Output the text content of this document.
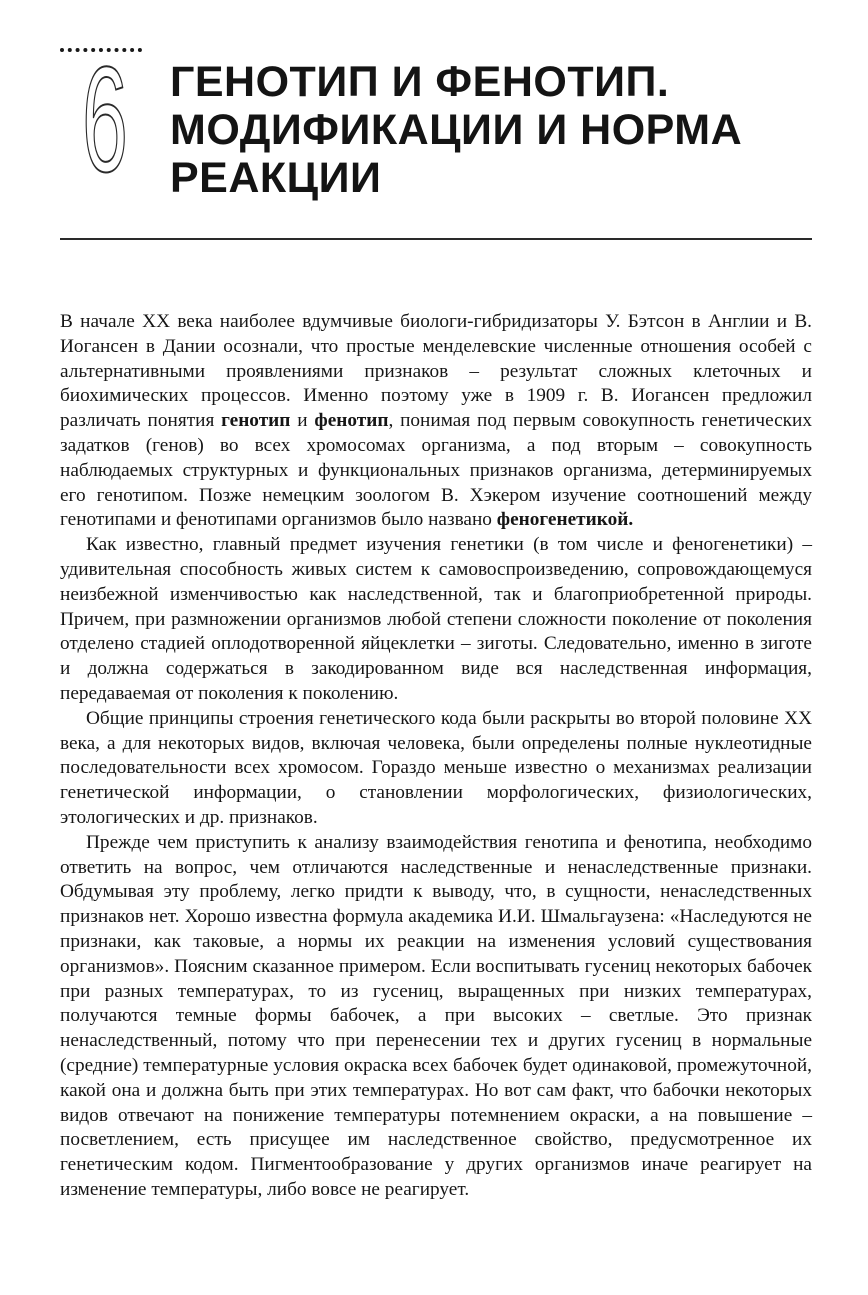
6 ГЕНОТИП И ФЕНОТИП.
МОДИФИКАЦИИ И НОРМА
РЕАКЦИИ

В начале XX века наиболее вдумчивые биологи-гибридизаторы У. Бэтсон в Англии и В. Иогансен в Дании осознали, что простые менделевские численные отношения особей с альтернативными проявлениями признаков – результат сложных клеточных и биохимических процессов. Именно поэтому уже в 1909 г. В. Иогансен предложил различать понятия генотип и фенотип, понимая под первым совокупность генетических задатков (генов) во всех хромосомах организма, а под вторым – совокупность наблюдаемых структурных и функциональных признаков организма, детерминируемых его генотипом. Позже немецким зоологом В. Хэкером изучение соотношений между генотипами и фенотипами организмов было названо феногенетикой.

Как известно, главный предмет изучения генетики (в том числе и феногенетики) – удивительная способность живых систем к самовоспроизведению, сопровождающемуся неизбежной изменчивостью как наследственной, так и благоприобретенной природы. Причем, при размножении организмов любой степени сложности поколение от поколения отделено стадией оплодотворенной яйцеклетки – зиготы. Следовательно, именно в зиготе и должна содержаться в закодированном виде вся наследственная информация, передаваемая от поколения к поколению.

Общие принципы строения генетического кода были раскрыты во второй половине XX века, а для некоторых видов, включая человека, были определены полные нуклеотидные последовательности всех хромосом. Гораздо меньше известно о механизмах реализации генетической информации, о становлении морфологических, физиологических, этологических и др. признаков.

Прежде чем приступить к анализу взаимодействия генотипа и фенотипа, необходимо ответить на вопрос, чем отличаются наследственные и ненаследственные признаки. Обдумывая эту проблему, легко придти к выводу, что, в сущности, ненаследственных признаков нет. Хорошо известна формула академика И.И. Шмальгаузена: «Наследуются не признаки, как таковые, а нормы их реакции на изменения условий существования организмов». Поясним сказанное примером. Если воспитывать гусениц некоторых бабочек при разных температурах, то из гусениц, выращенных при низких температурах, получаются темные формы бабочек, а при высоких – светлые. Это признак ненаследственный, потому что при перенесении тех и других гусениц в нормальные (средние) температурные условия окраска всех бабочек будет одинаковой, промежуточной, какой она и должна быть при этих температурах. Но вот сам факт, что бабочки некоторых видов отвечают на понижение температуры потемнением окраски, а на повышение – посветлением, есть присущее им наследственное свойство, предусмотренное их генетическим кодом. Пигментообразование у других организмов иначе реагирует на изменение температуры, либо вовсе не реагирует.
